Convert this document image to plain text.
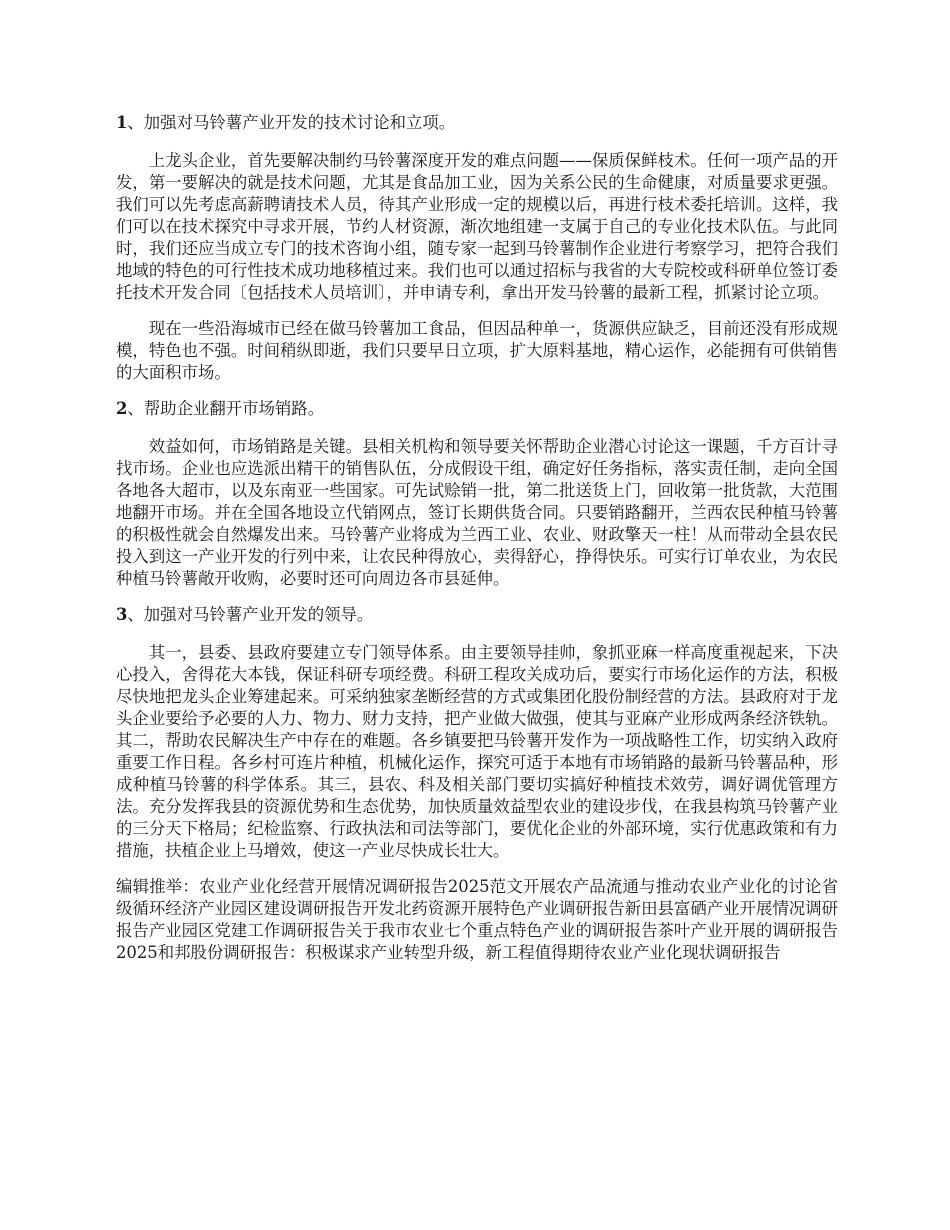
1、加强对马铃薯产业开发的技术讨论和立项。

上龙头企业，首先要解决制约马铃薯深度开发的难点问题——保质保鲜枝术。任何一项产品的开发，第一要解决的就是技术问题，尤其是食品加工业，因为关系公民的生命健康，对质量要求更强。我们可以先考虑高薪聘请技术人员，待其产业形成一定的规模以后，再进行枝术委托培训。这样，我们可以在技术探究中寻求开展，节约人材资源，渐次地组建一支属于自己的专业化技术队伍。与此同时，我们还应当成立专门的技术咨询小组，随专家一起到马铃薯制作企业进行考察学习，把符合我们地域的特色的可行性技术成功地移植过来。我们也可以通过招标与我省的大专院校或科研单位签订委托技术开发合同〔包括技术人员培训〕，并申请专利，拿出开发马铃薯的最新工程，抓紧讨论立项。

现在一些沿海城市已经在做马铃薯加工食品，但因品种单一，货源供应缺乏，目前还没有形成规模，特色也不强。时间稍纵即逝，我们只要早日立项，扩大原料基地，精心运作，必能拥有可供销售的大面积市场。

2、帮助企业翻开市场销路。

效益如何，市场销路是关键。县相关机构和领导要关怀帮助企业潜心讨论这一课题，千方百计寻找市场。企业也应选派出精干的销售队伍，分成假设干组，确定好任务指标，落实责任制，走向全国各地各大超市，以及东南亚一些国家。可先试赊销一批，第二批送货上门，回收第一批货款，大范围地翻开市场。并在全国各地设立代销网点，签订长期供货合同。只要销路翻开，兰西农民种植马铃薯的积极性就会自然爆发出来。马铃薯产业将成为兰西工业、农业、财政擎天一柱！从而带动全县农民投入到这一产业开发的行列中来，让农民种得放心，卖得舒心，挣得快乐。可实行订单农业，为农民种植马铃薯敞开收购，必要时还可向周边各市县延伸。

3、加强对马铃薯产业开发的领导。

其一，县委、县政府要建立专门领导体系。由主要领导挂帅，象抓亚麻一样高度重视起来，下决心投入，舍得花大本钱，保证科研专项经费。科研工程攻关成功后，要实行市场化运作的方法，积极尽快地把龙头企业筹建起来。可采纳独家垄断经营的方式或集团化股份制经营的方法。县政府对于龙头企业要给予必要的人力、物力、财力支持，把产业做大做强，使其与亚麻产业形成两条经济铁轨。其二，帮助农民解决生产中存在的难题。各乡镇要把马铃薯开发作为一项战略性工作，切实纳入政府重要工作日程。各乡村可连片种植，机械化运作，探究可适于本地有市场销路的最新马铃薯品种，形成种植马铃薯的科学体系。其三，县农、科及相关部门要切实搞好种植技术效劳，调好调优管理方法。充分发挥我县的资源优势和生态优势，加快质量效益型农业的建设步伐，在我县构筑马铃薯产业的三分天下格局；纪检监察、行政执法和司法等部门，要优化企业的外部环境，实行优惠政策和有力措施，扶植企业上马增效，使这一产业尽快成长壮大。

编辑推举：农业产业化经营开展情况调研报告2025范文开展农产品流通与推动农业产业化的讨论省级循环经济产业园区建设调研报告开发北药资源开展特色产业调研报告新田县富硒产业开展情况调研报告产业园区党建工作调研报告关于我市农业七个重点特色产业的调研报告茶叶产业开展的调研报告2025和邦股份调研报告：积极谋求产业转型升级，新工程值得期待农业产业化现状调研报告
